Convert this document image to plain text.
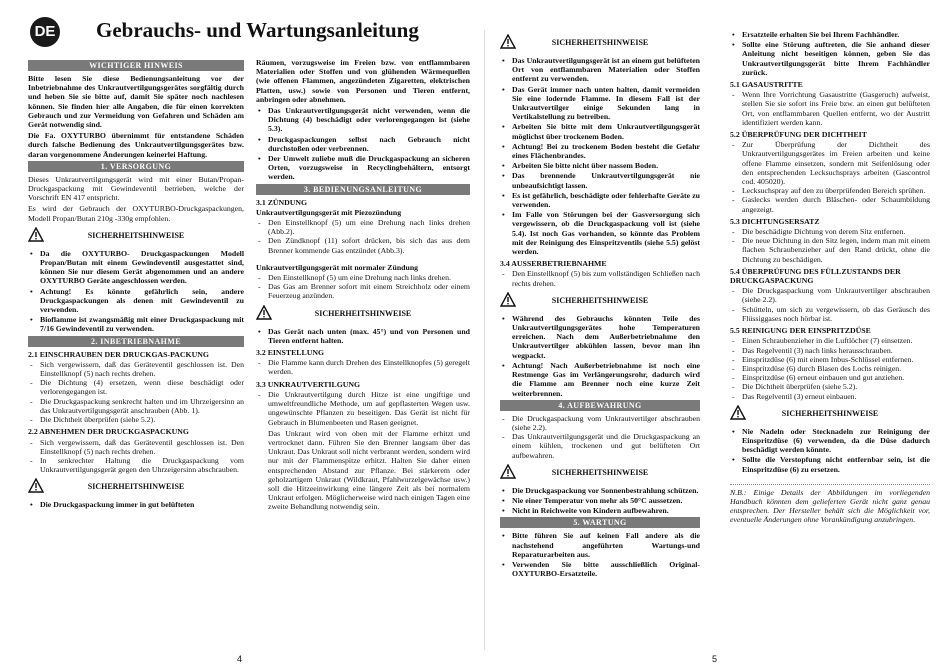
DE Gebrauchs- und Wartungsanleitung
WICHTIGER HINWEIS

Bitte lesen Sie diese Bedienungsanleitung vor der Inbetriebnahme des Unkrautvertilgungsgerätes sorgfältig durch und heben Sie sie bitte auf, damit Sie später noch nachlesen können. Sie finden hier alle Angaben, die für einen korrekten Gebrauch und zur Vermeidung von Gefahren und Schäden am Gerät notwendig sind.

Die Fa. OXYTURBO übernimmt für entstandene Schäden durch falsche Bedienung des Unkrautvertilgungsgerätes bzw. daran vorgenommene Änderungen keinerlei Haftung.

1. VERSORGUNG

Dieses Unkrautvertilgungsgerät wird mit einer Butan/Propan- Druckgaspackung mit Gewindeventil betrieben, welche der Vorschrift EN 417 entspricht.

Es wird der Gebrauch der OXYTURBO-Druckgaspackungen, Modell Propan/Butan 210g -330g empfohlen.

SICHERHEITSHINWEISE
• Da die OXYTURBO- Druckgaspackungen Modell Propan/Butan mit einem Gewindeventil ausgestattet sind, können Sie nur diesem Gerät abgenommen und an andere OXYTURBO Geräte angeschlossen werden.
• Achtung! Es könnte gefährlich sein, andere Druckgaspackungen als denen mit Gewindeventil zu verwenden.
• Bioflamme ist zwangsmäßig mit einer Druckgaspackung mit 7/16 Gewindeventil zu verwenden.
2. INBETRIEBNAHME
2.1 EINSCHRAUBEN DER DRUCKGAS-PACKUNG
- Sich vergewissern, daß das Geräteventil geschlossen ist. Den Einstellknopf (5) nach rechts drehen.
- Die Dichtung (4) ersetzen, wenn diese beschädigt oder verlorengegangen ist.
- Die Druckgaspackung senkrecht halten und im Uhrzeigersinn an das Unkrautvertilgungsgerät anschrauben (Abb. 1).
- Die Dichtheit überprüfen (siehe 5.2).
2.2 ABNEHMEN DER DRUCKGASPACKUNG
- Sich vergewissern, daß das Geräteventil geschlossen ist. Den Einstellknopf (5) nach rechts drehen.
- In senkrechter Haltung die Druckgaspackung vom Unkrautvertilgungsgerät gegen den Uhrzeigersinn abschrauben.
SICHERHEITSHINWEISE
• Die Druckgaspackung immer in gut belüfteten

Räumen, vorzugsweise im Freien bzw. von entflammbaren Materialien oder Stoffen und von glühenden Wärmequellen (wie offenen Flammen, angezündeten Zigaretten, elektrischen Platten, usw.) sowie von Personen und Tieren entfernt, anbringen oder abnehmen.

• Das Unkrautvertilgungsgerät nicht verwenden, wenn die Dichtung (4) beschädigt oder verlorengegangen ist (siehe 5.3).
• Druckgaspackungen selbst nach Gebrauch nicht durchstoßen oder verbrennen.
• Der Umwelt zuliebe muß die Druckgaspackung an sicheren Orten, vorzugsweise in Recyclingbehältern, entsorgt werden.
3. BEDIENUNGSANLEITUNG
3.1 ZÜNDUNG
Unkrautvertilgungsgerät mit Piezozündung
- Den Einstellknopf (5) um eine Drehung nach links drehen (Abb.2).
- Den Zündknopf (11) sofort drücken, bis sich das aus dem Brenner kommende Gas entzündet (Abb.3).
Unkrautvertilgungsgerät mit normaler Zündung
- Den Einstellknopf (5) um eine Drehung nach links drehen.
- Das Gas am Brenner sofort mit einem Streichholz oder einem Feuerzeug anzünden.
SICHERHEITSHINWEISE
• Das Gerät nach unten (max. 45°) und von Personen und Tieren entfernt halten.
3.2 EINSTELLUNG
- Die Flamme kann durch Drehen des Einstellknopfes (5) geregelt werden.
3.3 UNKRAUTVERTILGUNG
- Die Unkrautvertilgung durch Hitze ist eine ungiftige und umweltfreundliche Methode, um auf gepflasterten Wegen usw. ungewünschte Pflanzen zu beseitigen. Das Gerät ist nicht für Gebrauch in Blumenbeeten und Rasen geeignet.

Das Unkraut wird von oben mit der Flamme erhitzt und vertrocknet dann. Führen Sie den Brenner langsam über das Unkraut. Das Unkraut soll nicht verbrannt werden, sondern wird nur mit der Flammenspitze erhitzt. Halten Sie daher einen entsprechenden Abstand zur Pflanze. Bei stärkerem oder geholzartigem Unkraut (Wildkraut, Pfahlwurzelgewächse usw.) soll die Hitzeeinwirkung eine längere Zeit als bei normalem Unkraut erfolgen. Möglicherweise wird nach einigen Tagen eine zweite Behandlung notwendig sein.

SICHERHEITSHINWEISE
• Das Unkrautvertilgungsgerät ist an einem gut belüfteten Ort von entflammbaren Materialien oder Stoffen entfernt zu verwenden.
• Das Gerät immer nach unten halten, damit vermeiden Sie eine lodernde Flamme. In diesem Fall ist der Unkrautvertilger einige Sekunden lang in Vertikalstellung zu betreiben.
• Arbeiten Sie bitte mit dem Unkrautvertilgungsgerät möglichst über trockenem Boden.
• Achtung! Bei zu trockenem Boden besteht die Gefahr eines Flächenbrandes.
• Arbeiten Sie bitte nicht über nassem Boden.
• Das brennende Unkrautvertilgungsgerät nie unbeaufsichtigt lassen.
• Es ist gefährlich, beschädigte oder fehlerhafte Geräte zu verwenden.
• Im Falle von Störungen bei der Gasversorgung sich vergewissern, ob die Druckgaspackung voll ist (siehe 5.4). Ist noch Gas vorhanden, so könnte das Problem mit der Reinigung des Einspritzventils (siehe 5.5) gelöst werden.
3.4 AUSSERBETRIEBNAHME
- Den Einstellknopf (5) bis zum vollständigen Schließen nach rechts drehen.
SICHERHEITSHINWEISE
• Während des Gebrauchs könnten Teile des Unkrautvertilgungsgerätes hohe Temperaturen erreichen. Nach dem Außerbetriebnahme den Unkrautvertilger abkühlen lassen, bevor man ihn wegpackt.
• Achtung! Nach Außerbetriebnahme ist noch eine Restmenge Gas im Verlängerungsrohr, dadurch wird die Flamme am Brenner noch eine kurze Zeit weiterbrennen.
4. AUFBEWAHRUNG
- Die Druckgaspackung vom Unkrautvertilger abschrauben (siehe 2.2).
- Das Unkrautvertilgungsgerät und die Druckgaspackung an einem kühlen, trockenen und gut belüfteten Ort aufbewahren.
SICHERHEITSHINWEISE
• Die Druckgaspackung vor Sonnenbestrahlung schützen.
• Nie einer Temperatur von mehr als 50°C aussetzen.
• Nicht in Reichweite von Kindern aufbewahren.
5. WARTUNG
• Bitte führen Sie auf keinen Fall andere als die nachstehend angeführten Wartungs-und Reparaturarbeiten aus.
• Verwenden Sie bitte ausschließlich Original-OXYTURBO-Ersatzteile.
• Ersatzteile erhalten Sie bei Ihrem Fachhändler.
• Sollte eine Störung auftreten, die Sie anhand dieser Anleitung nicht beseitigen können, geben Sie das Unkrautvertilgungsgerät bitte Ihrem Fachhändler zurück.
5.1 GASAUSTRITTE
- Wenn Ihre Vorrichtung Gasaustritte (Gasgeruch) aufweist, stellen Sie sie sofort ins Freie bzw. an einen gut belüfteten Ort, von entflammbaren Quellen entfernt, wo der Austritt identifiziert werden kann.
5.2 ÜBERPRÜFUNG DER DICHTHEIT
- Zur Überprüfung der Dichtheit des Unkrautvertilgungsgerätes im Freien arbeiten und keine offene Flamme einsetzen, sondern mit Seifenlösung oder den entsprechenden Lecksuchsprays arbeiten (Gascontrol cod. 405020).
- Lecksuchspray auf den zu überprüfenden Bereich sprühen.
- Gaslecks werden durch Bläschen- oder Schaumbildung angezeigt.
5.3 DICHTUNGSERSATZ
- Die beschädigte Dichtung von derem Sitz entfernen.
- Die neue Dichtung in den Sitz legen, indem man mit einem flachen Schraubenzieher auf den Rand drückt, ohne die Dichtung zu beschädigen.
5.4 ÜBERPRÜFUNG DES FÜLLZUSTANDS DER DRUCKGASPACKUNG
- Die Druckgaspackung vom Unkrautvertilger abschrauben (siehe 2.2).
- Schütteln, um sich zu vergewissern, ob das Geräusch des Flüssiggases noch hörbar ist.
5.5 REINIGUNG DER EINSPRITZDÜSE
- Einen Schraubenzieher in die Luftlöcher (7) einsetzen.
- Das Regelventil (3) nach links herausschrauben.
- Einspritzdüse (6) mit einem Inbus-Schlüssel entfernen.
- Einspritzdüse (6) durch Blasen des Lochs reinigen.
- Einspritzdüse (6) erneut einbauen und gut anziehen.
- Die Dichtheit überprüfen (siehe 5.2).
- Das Regelventil (3) erneut einbauen.
SICHERHEITSHINWEISE
• Nie Nadeln oder Stecknadeln zur Reinigung der Einspritzdüse (6) verwenden, da die Düse dadurch beschädigt werden könnte.
• Sollte die Verstopfung nicht entfernbar sein, ist die Einspritzdüse (6) zu ersetzen.

N.B.: Einige Details der Abbildungen im vorliegenden Handbuch könnten dem gelieferten Gerät nicht ganz genau entsprechen. Der Hersteller behält sich die Möglichkeit vor, eventuelle Änderungen ohne Vorankündigung anzubringen.

4	5
